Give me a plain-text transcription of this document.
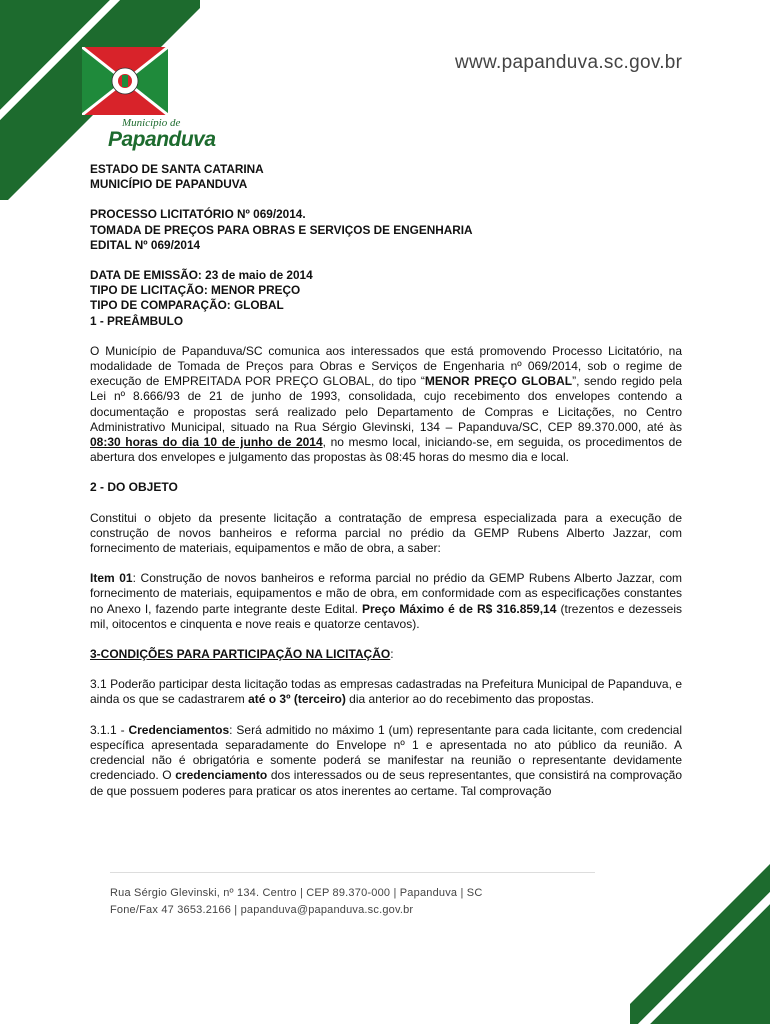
Município de
Papanduva
www.papanduva.sc.gov.br

ESTADO DE SANTA CATARINA

MUNICÍPIO DE PAPANDUVA

PROCESSO LICITATÓRIO Nº 069/2014.

TOMADA DE PREÇOS PARA OBRAS E SERVIÇOS DE ENGENHARIA

EDITAL Nº 069/2014

DATA DE EMISSÃO: 23 de maio de 2014

TIPO DE LICITAÇÃO: MENOR PREÇO

TIPO DE COMPARAÇÃO: GLOBAL

1 - PREÂMBULO

O Município de Papanduva/SC comunica aos interessados que está promovendo Processo Licitatório, na modalidade de Tomada de Preços para Obras e Serviços de Engenharia nº 069/2014, sob o regime de execução de EMPREITADA POR PREÇO GLOBAL, do tipo “MENOR PREÇO GLOBAL”, sendo regido pela Lei nº 8.666/93 de 21 de junho de 1993, consolidada, cujo recebimento dos envelopes contendo a documentação e propostas será realizado pelo Departamento de Compras e Licitações, no Centro Administrativo Municipal, situado na Rua Sérgio Glevinski, 134 – Papanduva/SC, CEP 89.370.000, até às 08:30 horas do dia 10 de junho de 2014, no mesmo local, iniciando-se, em seguida, os procedimentos de abertura dos envelopes e julgamento das propostas às 08:45 horas do mesmo dia e local.

2 - DO OBJETO

Constitui o objeto da presente licitação a contratação de empresa especializada para a execução de construção de novos banheiros e reforma parcial no prédio da GEMP Rubens Alberto Jazzar, com fornecimento de materiais, equipamentos e mão de obra, a saber:

Item 01: Construção de novos banheiros e reforma parcial no prédio da GEMP Rubens Alberto Jazzar, com fornecimento de materiais, equipamentos e mão de obra, em conformidade com as especificações constantes no Anexo I, fazendo parte integrante deste Edital. Preço Máximo é de R$ 316.859,14 (trezentos e dezesseis mil, oitocentos e cinquenta e nove reais e quatorze centavos).

3-CONDIÇÕES PARA PARTICIPAÇÃO NA LICITAÇÃO:

3.1 Poderão participar desta licitação todas as empresas cadastradas na Prefeitura Municipal de Papanduva, e ainda os que se cadastrarem até o 3º (terceiro) dia anterior ao do recebimento das propostas.

3.1.1 - Credenciamentos: Será admitido no máximo 1 (um) representante para cada licitante, com credencial específica apresentada separadamente do Envelope nº 1 e apresentada no ato público da reunião. A credencial não é obrigatória e somente poderá se manifestar na reunião o representante devidamente credenciado. O credenciamento dos interessados ou de seus representantes, que consistirá na comprovação de que possuem poderes para praticar os atos inerentes ao certame. Tal comprovação

Rua Sérgio Glevinski, nº 134. Centro | CEP 89.370-000 | Papanduva | SC
Fone/Fax 47 3653.2166 | papanduva@papanduva.sc.gov.br
